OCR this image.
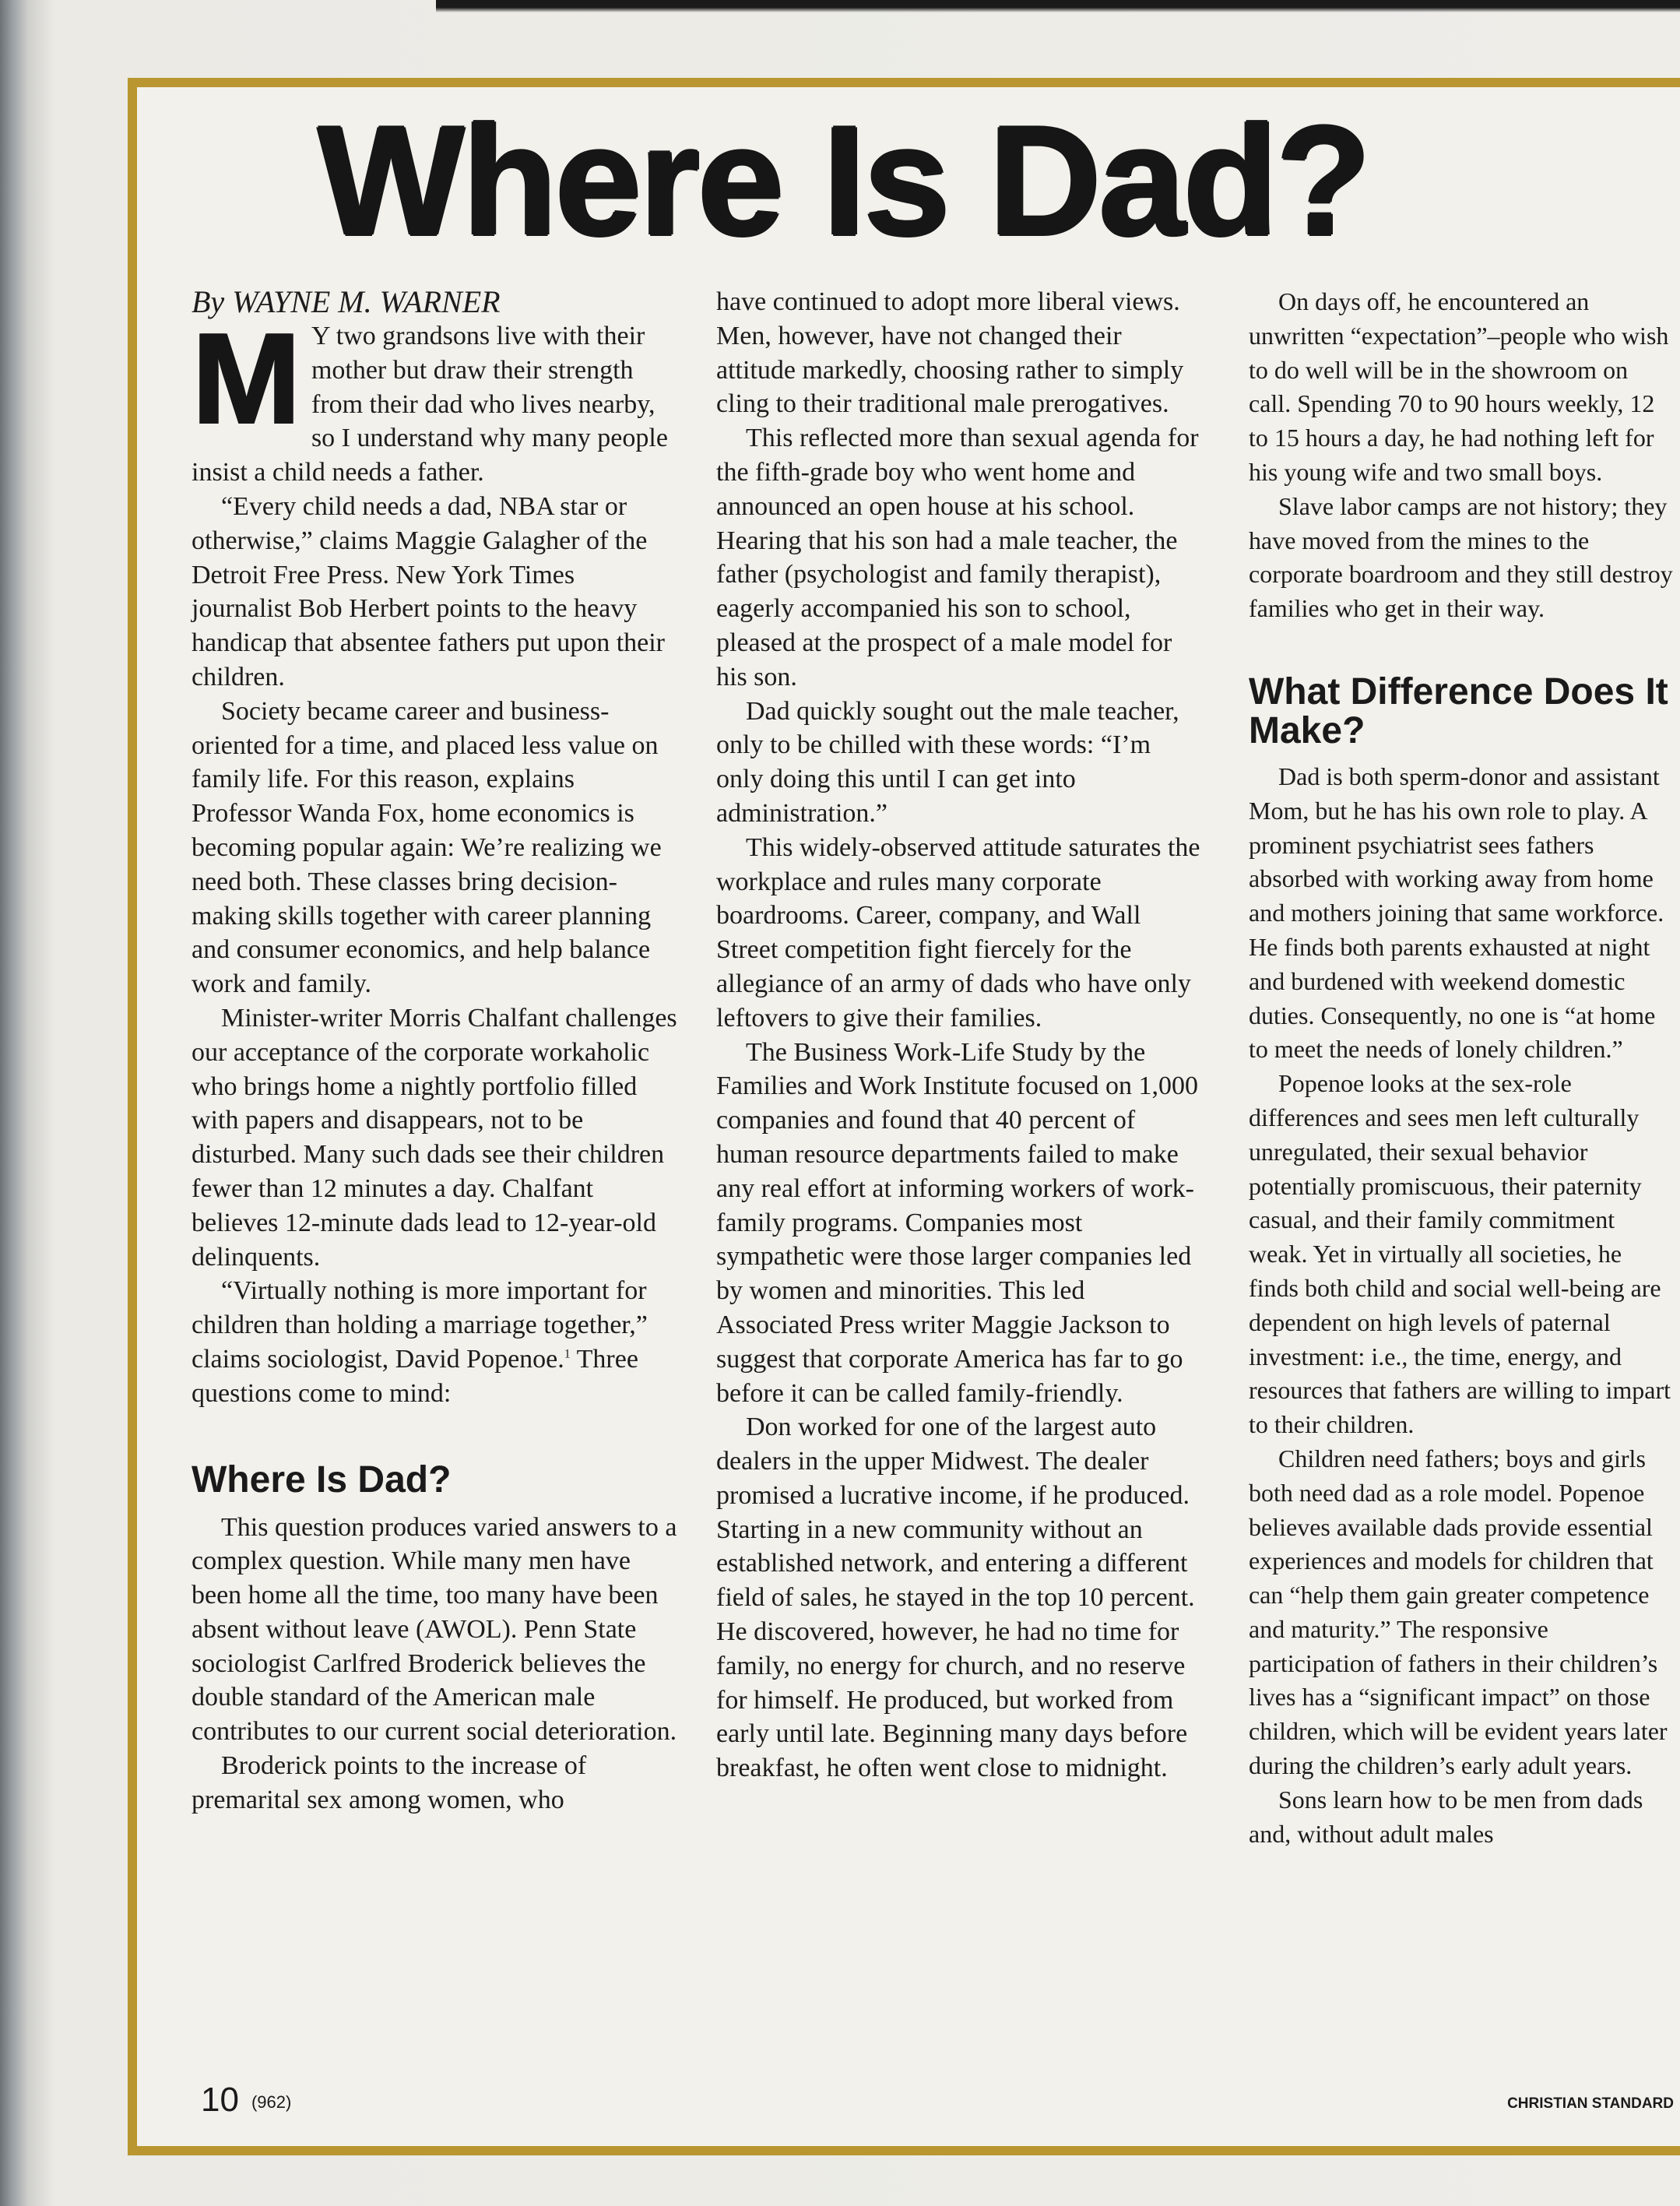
Where Is Dad?

By WAYNE M. WARNER

M Y two grandsons live with their mother but draw their strength from their dad who lives nearby, so I understand why many people insist a child needs a father.

“Every child needs a dad, NBA star or otherwise,” claims Maggie Galagher of the Detroit Free Press. New York Times journalist Bob Herbert points to the heavy handicap that absentee fathers put upon their children.

Society became career and business-oriented for a time, and placed less value on family life. For this reason, explains Professor Wanda Fox, home economics is becoming popular again: We’re realizing we need both. These classes bring decision-making skills together with career planning and consumer economics, and help balance work and family.

Minister-writer Morris Chalfant challenges our acceptance of the corporate workaholic who brings home a nightly portfolio filled with papers and disappears, not to be disturbed. Many such dads see their children fewer than 12 minutes a day. Chalfant believes 12-minute dads lead to 12-year-old delinquents.

“Virtually nothing is more important for children than holding a marriage together,” claims sociologist, David Popenoe.$^1$ Three questions come to mind:

Where Is Dad?

This question produces varied answers to a complex question. While many men have been home all the time, too many have been absent without leave (AWOL). Penn State sociologist Carlfred Broderick believes the double standard of the American male contributes to our current social deterioration.

Broderick points to the increase of premarital sex among women, who

have continued to adopt more liberal views. Men, however, have not changed their attitude markedly, choosing rather to simply cling to their traditional male prerogatives.

This reflected more than sexual agenda for the fifth-grade boy who went home and announced an open house at his school. Hearing that his son had a male teacher, the father (psychologist and family therapist), eagerly accompanied his son to school, pleased at the prospect of a male model for his son.

Dad quickly sought out the male teacher, only to be chilled with these words: “I’m only doing this until I can get into administration.”

This widely-observed attitude saturates the workplace and rules many corporate boardrooms. Career, company, and Wall Street competition fight fiercely for the allegiance of an army of dads who have only leftovers to give their families.

The Business Work-Life Study by the Families and Work Institute focused on 1,000 companies and found that 40 percent of human resource departments failed to make any real effort at informing workers of work-family programs. Companies most sympathetic were those larger companies led by women and minorities. This led Associated Press writer Maggie Jackson to suggest that corporate America has far to go before it can be called family-friendly.

Don worked for one of the largest auto dealers in the upper Midwest. The dealer promised a lucrative income, if he produced. Starting in a new community without an established network, and entering a different field of sales, he stayed in the top 10 percent. He discovered, however, he had no time for family, no energy for church, and no reserve for himself. He produced, but worked from early until late. Beginning many days before breakfast, he often went close to midnight.

On days off, he encountered an unwritten “expectation”–people who wish to do well will be in the showroom on call. Spending 70 to 90 hours weekly, 12 to 15 hours a day, he had nothing left for his young wife and two small boys.

Slave labor camps are not history; they have moved from the mines to the corporate boardroom and they still destroy families who get in their way.

What Difference Does It Make?

Dad is both sperm-donor and assistant Mom, but he has his own role to play. A prominent psychiatrist sees fathers absorbed with working away from home and mothers joining that same workforce. He finds both parents exhausted at night and burdened with weekend domestic duties. Consequently, no one is “at home to meet the needs of lonely children.”

Popenoe looks at the sex-role differences and sees men left culturally unregulated, their sexual behavior potentially promiscuous, their paternity casual, and their family commitment weak. Yet in virtually all societies, he finds both child and social well-being are dependent on high levels of paternal investment: i.e., the time, energy, and resources that fathers are willing to impart to their children.

Children need fathers; boys and girls both need dad as a role model. Popenoe believes available dads provide essential experiences and models for children that can “help them gain greater competence and maturity.” The responsive participation of fathers in their children’s lives has a “significant impact” on those children, which will be evident years later during the children’s early adult years.

Sons learn how to be men from dads and, without adult males

10 (962)	CHRISTIAN STANDARD
